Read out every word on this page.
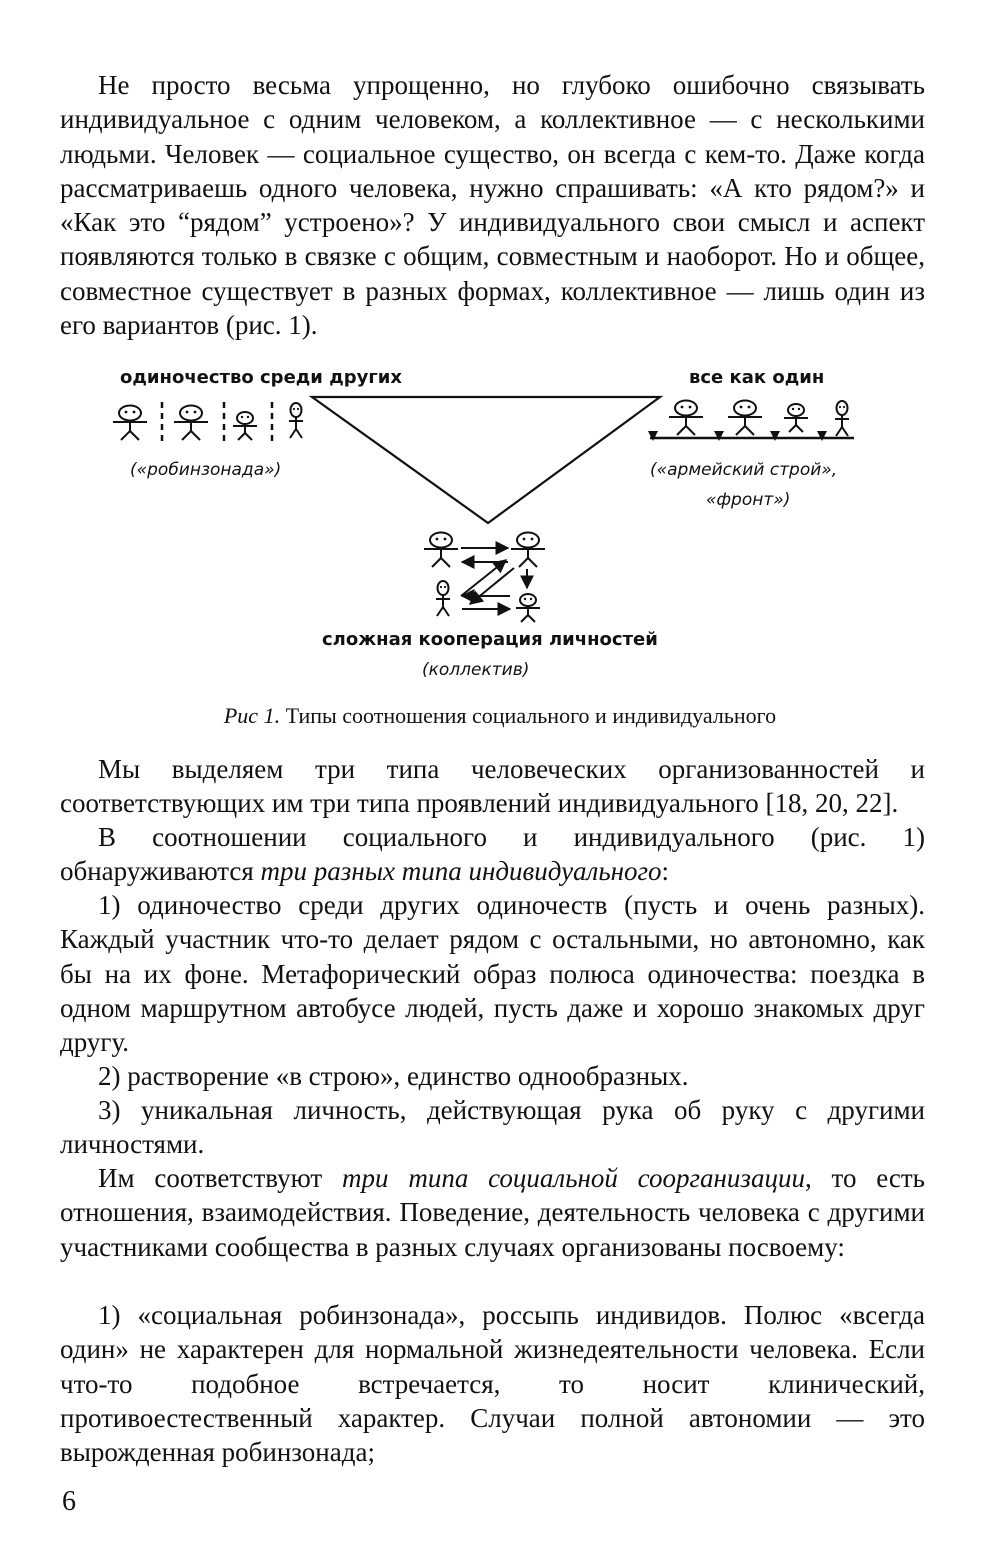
Не просто весьма упрощенно, но глубоко ошибочно связывать индивидуальное с одним человеком, а коллективное — с несколькими людьми. Человек — социальное существо, он всегда с кем-то. Даже когда рассматриваешь одного человека, нужно спрашивать: «А кто рядом?» и «Как это “рядом” устроено»? У индивидуального свои смысл и аспект появляются только в связке с общим, совместным и наоборот. Но и общее, совместное существует в разных формах, коллективное — лишь один из его вариантов (рис. 1).

одиночество среди других

(«робинзонада»)

все как один

(«армейский строй»,

«фронт»)

сложная кооперация личностей

(коллектив)

Рис 1. Типы соотношения социального и индивидуального

Мы выделяем три типа человеческих организованностей и соответствующих им три типа проявлений индивидуального [18, 20, 22].

В соотношении социального и индивидуального (рис. 1) обнаруживаются три разных типа индивидуального:

1) одиночество среди других одиночеств (пусть и очень разных). Каждый участник что-то делает рядом с остальными, но автономно, как бы на их фоне. Метафорический образ полюса одиночества: поездка в одном маршрутном автобусе людей, пусть даже и хорошо знакомых друг другу.

2) растворение «в строю», единство однообразных.

3) уникальная личность, действующая рука об руку с другими личностями.

Им соответствуют три типа социальной соорганизации, то есть отношения, взаимодействия. Поведение, деятельность человека с другими участниками сообщества в разных случаях организованы посвоему:

1) «социальная робинзонада», россыпь индивидов. Полюс «всегда один» не характерен для нормальной жизнедеятельности человека. Если что-то подобное встречается, то носит клинический, противоестественный характер. Случаи полной автономии — это вырожденная робинзонада;

6
